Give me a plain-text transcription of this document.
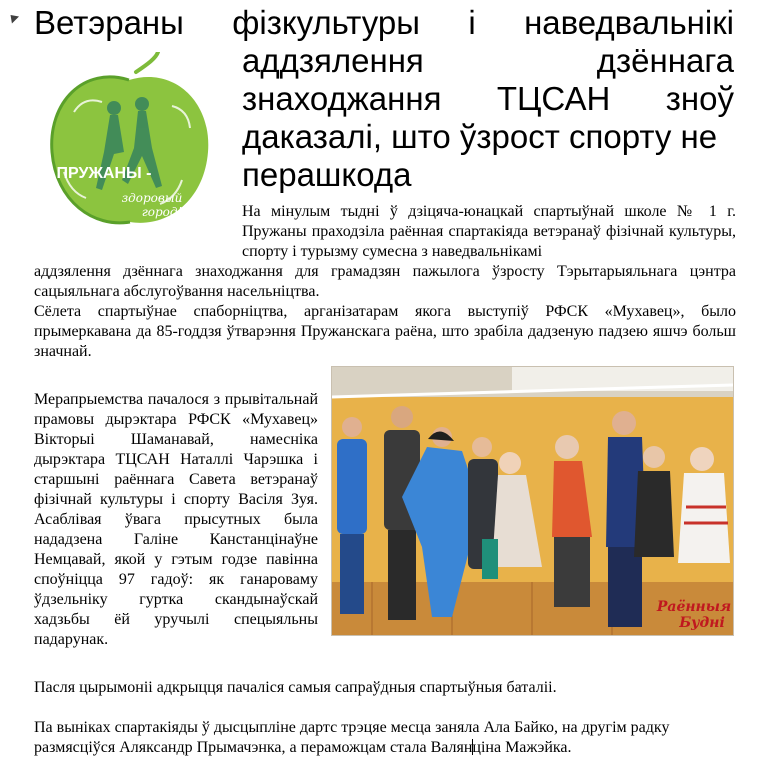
Ветэраны фізкультуры і наведвальнікі
аддзялення	дзённага
знаходжання ТЦСАН зноў
даказалі, што ўзрост спорту не
перашкода
ПРУЖАНЫ -
здоровый
город!	На мінулым тыдні ў дзіцяча-юнацкай спартыўнай школе № 1 г. Пружаны праходзіла раённая спартакіяда ветэранаў фізічнай культуры, спорту і турызму сумесна з наведвальнікамі

аддзялення дзённага знаходжання для грамадзян пажылога ўзросту Тэрытарыяльнага цэнтра сацыяльнага абслугоўвання насельніцтва.

Сёлета спартыўнае спаборніцтва, арганізатарам якога выступіў РФСК «Мухавец», было прымеркавана да 85-годдзя ўтварэння Пружанскага раёна, што зрабіла дадзеную падзею яшчэ больш значнай.

Мерапрыемства пачалося з прывітальнай прамовы дырэктара РФСК «Мухавец» Вікторыі Шаманавай, намесніка дырэктара ТЦСАН Наталлі Чарэшка і старшыні раённага Савета ветэранаў фізічнай культуры і спорту Васіля Зуя. Асаблівая ўвага прысутных была нададзена Галіне Канстанцінаўне Немцавай, якой у гэтым годзе павінна споўніцца 97 гадоў: як ганароваму ўдзельніку гуртка скандынаўскай хадзьбы ёй уручылі спецыяльны падарунак.

Раённыя
Будні

Пасля цырымоніі адкрыцця пачаліся самыя сапраўдныя спартыўныя баталіі.

Па выніках спартакіяды ў дысцыпліне дартс трэцяе месца заняла Ала Байко, на другім радку размясціўся Аляксандр Прымачэнка, а пераможцам стала Валянціна Мажэйка.
